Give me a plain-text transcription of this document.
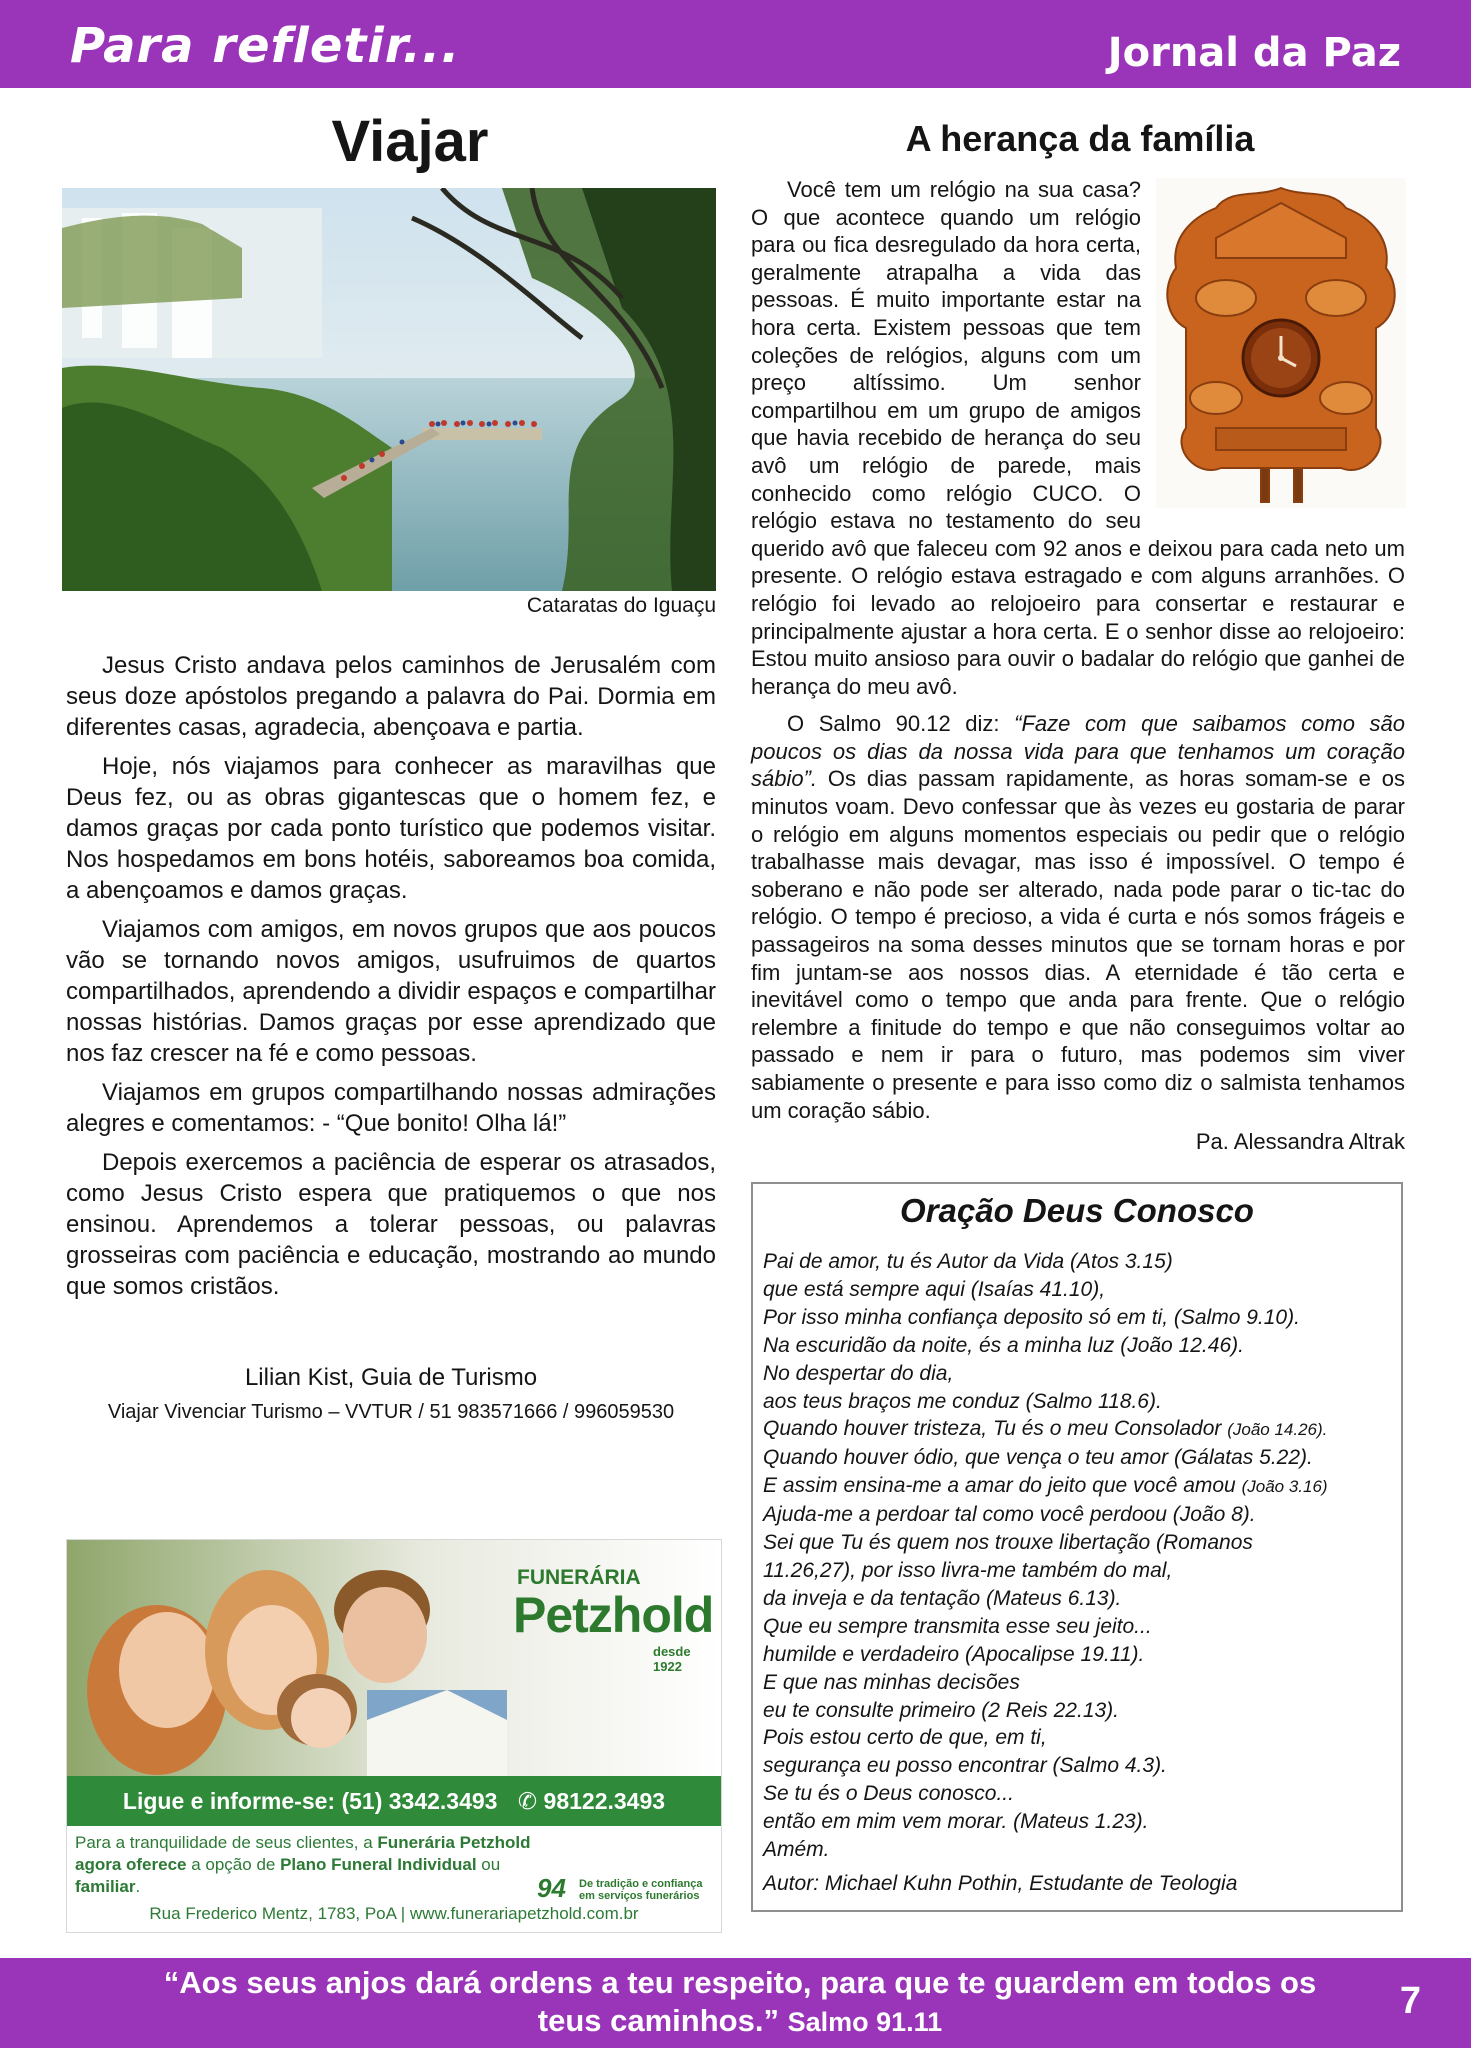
Para refletir...	Jornal da Paz
Viajar
Cataratas do Iguaçu

Jesus Cristo andava pelos caminhos de Jerusalém com seus doze apóstolos pregando a palavra do Pai. Dormia em diferentes casas, agradecia, abençoava e partia.

Hoje, nós viajamos para conhecer as maravilhas que Deus fez, ou as obras gigantescas que o homem fez, e damos graças por cada ponto turístico que podemos visitar. Nos hospedamos em bons hotéis, saboreamos boa comida, a abençoamos e damos graças.

Viajamos com amigos, em novos grupos que aos poucos vão se tornando novos amigos, usufruimos de quartos compartilhados, aprendendo a dividir espaços e compartilhar nossas histórias. Damos graças por esse aprendizado que nos faz crescer na fé e como pessoas.

Viajamos em grupos compartilhando nossas admirações alegres e comentamos: - “Que bonito! Olha lá!”

Depois exercemos a paciência de esperar os atrasados, como Jesus Cristo espera que pratiquemos o que nos ensinou. Aprendemos a tolerar pessoas, ou palavras grosseiras com paciência e educação, mostrando ao mundo que somos cristãos.

Lilian Kist, Guia de Turismo
Viajar Vivenciar Turismo – VVTUR / 51 983571666 / 996059530
FUNERÁRIA
Petzhold
desde 1922
Ligue e informe-se: (51) 3342.3493 ✆ 98122.3493
Para a tranquilidade de seus clientes, a Funerária Petzhold agora oferece a opção de Plano Funeral Individual ou familiar.	94 De tradição e confiança
em serviços funerários
Rua Frederico Mentz, 1783, PoA | www.funerariapetzhold.com.br
A herança da família

Você tem um relógio na sua casa? O que acontece quando um relógio para ou fica desregulado da hora certa, geralmente atrapalha a vida das pessoas. É muito importante estar na hora certa. Existem pessoas que tem coleções de relógios, alguns com um preço altíssimo. Um senhor compartilhou em um grupo de amigos que havia recebido de herança do seu avô um relógio de parede, mais conhecido como relógio CUCO. O relógio estava no testamento do seu querido avô que faleceu com 92 anos e deixou para cada neto um presente. O relógio estava estragado e com alguns arranhões. O relógio foi levado ao relojoeiro para consertar e restaurar e principalmente ajustar a hora certa. E o senhor disse ao relojoeiro: Estou muito ansioso para ouvir o badalar do relógio que ganhei de herança do meu avô.

O Salmo 90.12 diz: “Faze com que saibamos como são poucos os dias da nossa vida para que tenhamos um coração sábio”. Os dias passam rapidamente, as horas somam-se e os minutos voam. Devo confessar que às vezes eu gostaria de parar o relógio em alguns momentos especiais ou pedir que o relógio trabalhasse mais devagar, mas isso é impossível. O tempo é soberano e não pode ser alterado, nada pode parar o tic-tac do relógio. O tempo é precioso, a vida é curta e nós somos frágeis e passageiros na soma desses minutos que se tornam horas e por fim juntam-se aos nossos dias. A eternidade é tão certa e inevitável como o tempo que anda para frente. Que o relógio relembre a finitude do tempo e que não conseguimos voltar ao passado e nem ir para o futuro, mas podemos sim viver sabiamente o presente e para isso como diz o salmista tenhamos um coração sábio.

Pa. Alessandra Altrak
Oração Deus Conosco
Pai de amor, tu és Autor da Vida (Atos 3.15)
que está sempre aqui (Isaías 41.10),
Por isso minha confiança deposito só em ti, (Salmo 9.10).
Na escuridão da noite, és a minha luz (João 12.46).
No despertar do dia,
aos teus braços me conduz (Salmo 118.6).
Quando houver tristeza, Tu és o meu Consolador (João 14.26).
Quando houver ódio, que vença o teu amor (Gálatas 5.22).
E assim ensina-me a amar do jeito que você amou (João 3.16)
Ajuda-me a perdoar tal como você perdoou (João 8).
Sei que Tu és quem nos trouxe libertação (Romanos
11.26,27), por isso livra-me também do mal,
da inveja e da tentação (Mateus 6.13).
Que eu sempre transmita esse seu jeito...
humilde e verdadeiro (Apocalipse 19.11).
E que nas minhas decisões
eu te consulte primeiro (2 Reis 22.13).
Pois estou certo de que, em ti,
segurança eu posso encontrar (Salmo 4.3).
Se tu és o Deus conosco...
então em mim vem morar. (Mateus 1.23).
Amém.
Autor: Michael Kuhn Pothin, Estudante de Teologia
“Aos seus anjos dará ordens a teu respeito, para que te guardem em todos os teus caminhos.” Salmo 91.11	7
